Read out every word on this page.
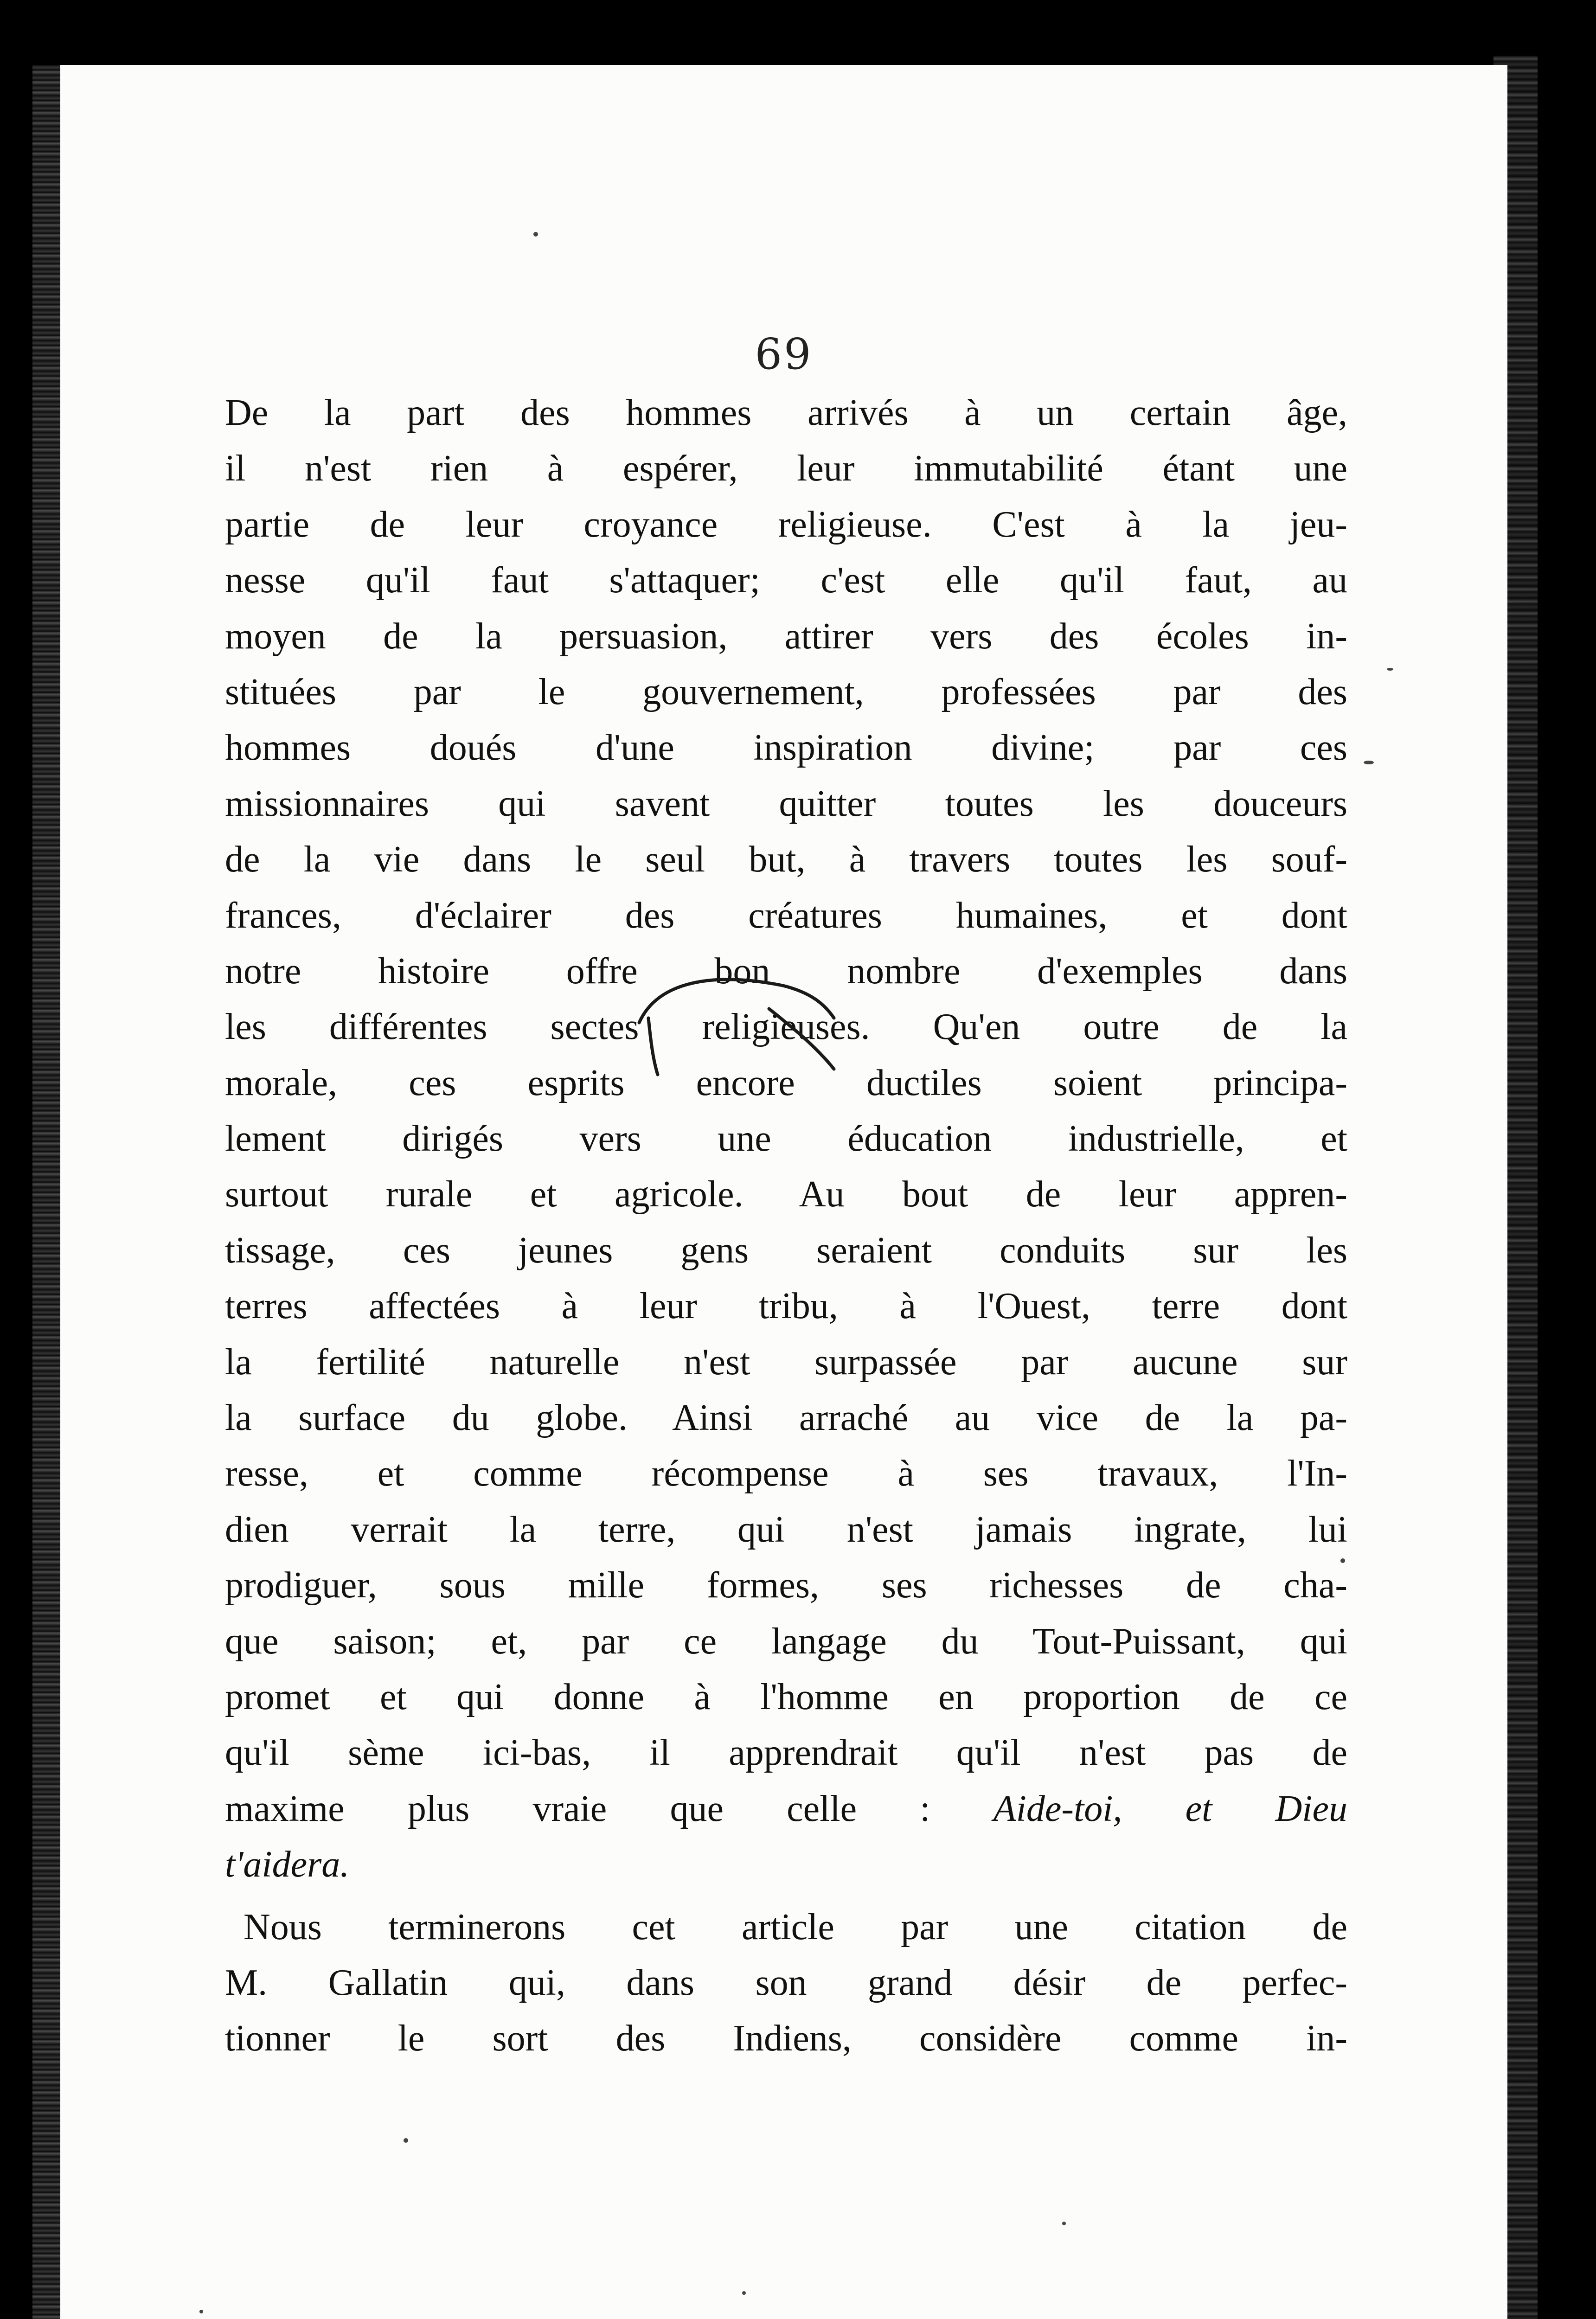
69
De la part des hommes arrivés à un certain âge,
il n'est rien à espérer, leur immutabilité étant une
partie de leur croyance religieuse. C'est à la jeu-
nesse qu'il faut s'attaquer; c'est elle qu'il faut, au
moyen de la persuasion, attirer vers des écoles in-
stituées par le gouvernement, professées par des
hommes doués d'une inspiration divine; par ces
missionnaires qui savent quitter toutes les douceurs
de la vie dans le seul but, à travers toutes les souf-
frances, d'éclairer des créatures humaines, et dont
notre histoire offre bon nombre d'exemples dans
les différentes sectes religieuses. Qu'en outre de la
morale, ces esprits encore ductiles soient principa-
lement dirigés vers une éducation industrielle, et
surtout rurale et agricole. Au bout de leur appren-
tissage, ces jeunes gens seraient conduits sur les
terres affectées à leur tribu, à l'Ouest, terre dont
la fertilité naturelle n'est surpassée par aucune sur
la surface du globe. Ainsi arraché au vice de la pa-
resse, et comme récompense à ses travaux, l'In-
dien verrait la terre, qui n'est jamais ingrate, lui
prodiguer, sous mille formes, ses richesses de cha-
que saison; et, par ce langage du Tout-Puissant, qui
promet et qui donne à l'homme en proportion de ce
qu'il sème ici-bas, il apprendrait qu'il n'est pas de
maxime plus vraie que celle : Aide-toi, et Dieu
t'aidera.
Nous terminerons cet article par une citation de
M. Gallatin qui, dans son grand désir de perfec-
tionner le sort des Indiens, considère comme in-
